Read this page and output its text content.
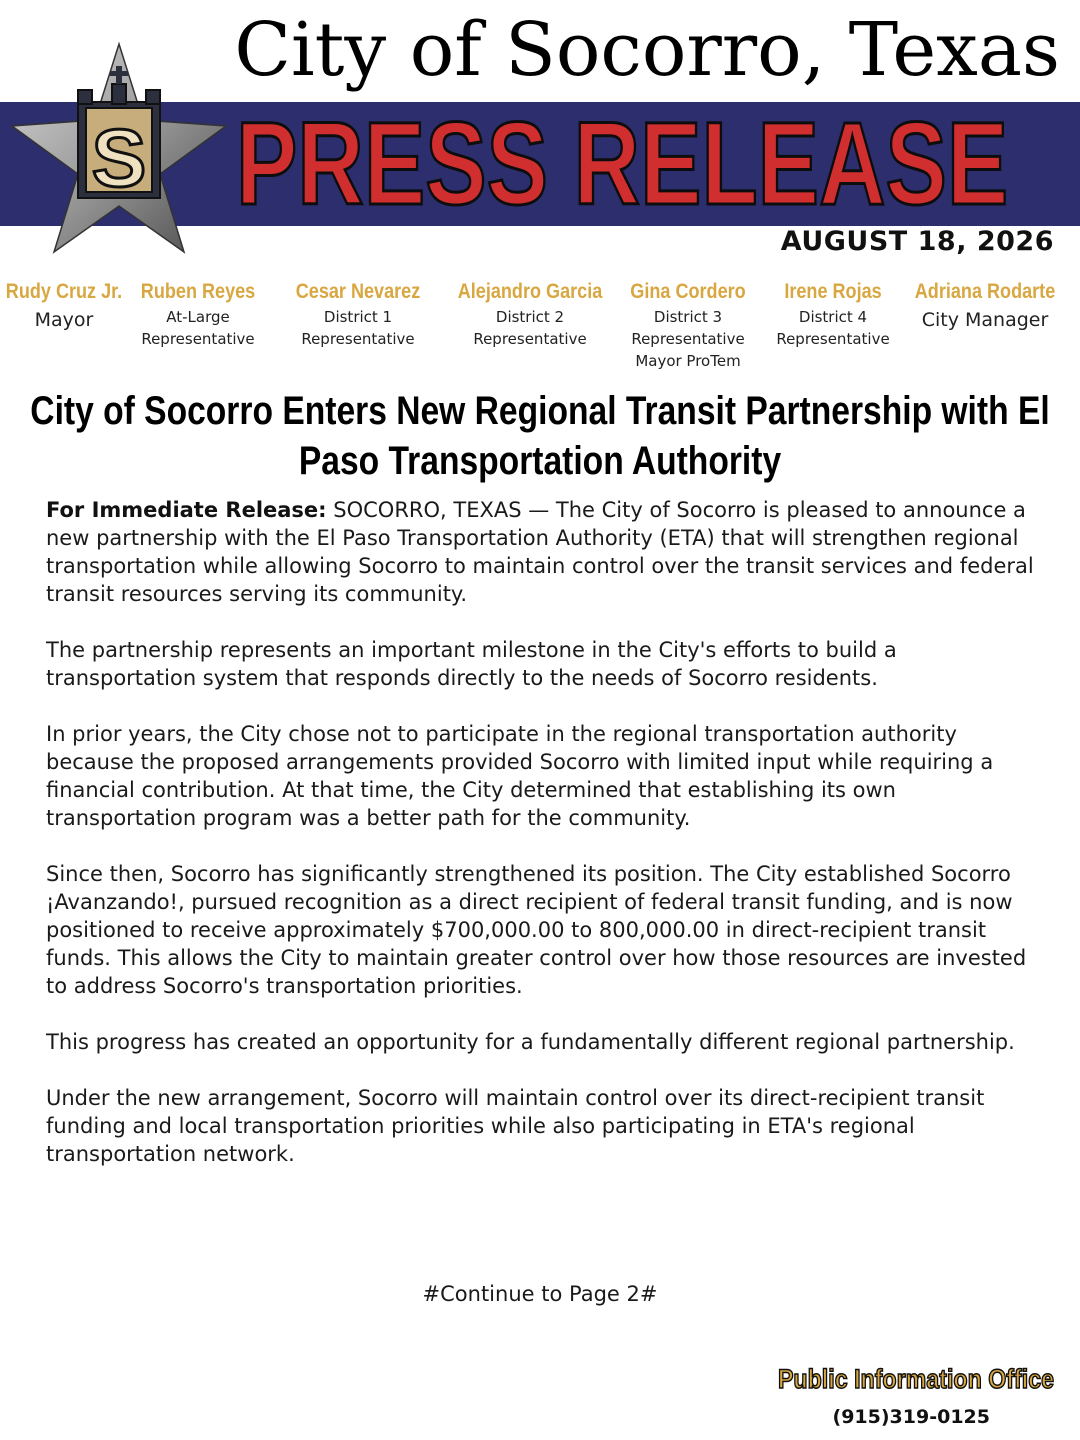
City of Socorro, Texas
PRESS RELEASE
S
AUGUST 18, 2026
Rudy Cruz Jr.
Mayor
Ruben Reyes
At-Large
Representative
Cesar Nevarez
District 1
Representative
Alejandro Garcia
District 2
Representative
Gina Cordero
District 3
Representative
Mayor ProTem
Irene Rojas
District 4
Representative
Adriana Rodarte
City Manager
City of Socorro Enters New Regional Transit Partnership with El Paso Transportation Authority

For Immediate Release: SOCORRO, TEXAS — The City of Socorro is pleased to announce a new partnership with the El Paso Transportation Authority (ETA) that will strengthen regional transportation while allowing Socorro to maintain control over the transit services and federal transit resources serving its community.

The partnership represents an important milestone in the City's efforts to build a transportation system that responds directly to the needs of Socorro residents.

In prior years, the City chose not to participate in the regional transportation authority because the proposed arrangements provided Socorro with limited input while requiring a financial contribution. At that time, the City determined that establishing its own transportation program was a better path for the community.

Since then, Socorro has significantly strengthened its position. The City established Socorro ¡Avanzando!, pursued recognition as a direct recipient of federal transit funding, and is now positioned to receive approximately $700,000.00 to 800,000.00 in direct-recipient transit funds. This allows the City to maintain greater control over how those resources are invested to address Socorro's transportation priorities.

This progress has created an opportunity for a fundamentally different regional partnership.

Under the new arrangement, Socorro will maintain control over its direct-recipient transit funding and local transportation priorities while also participating in ETA's regional transportation network.

#Continue to Page 2#
Public Information Office
(915)319-0125
